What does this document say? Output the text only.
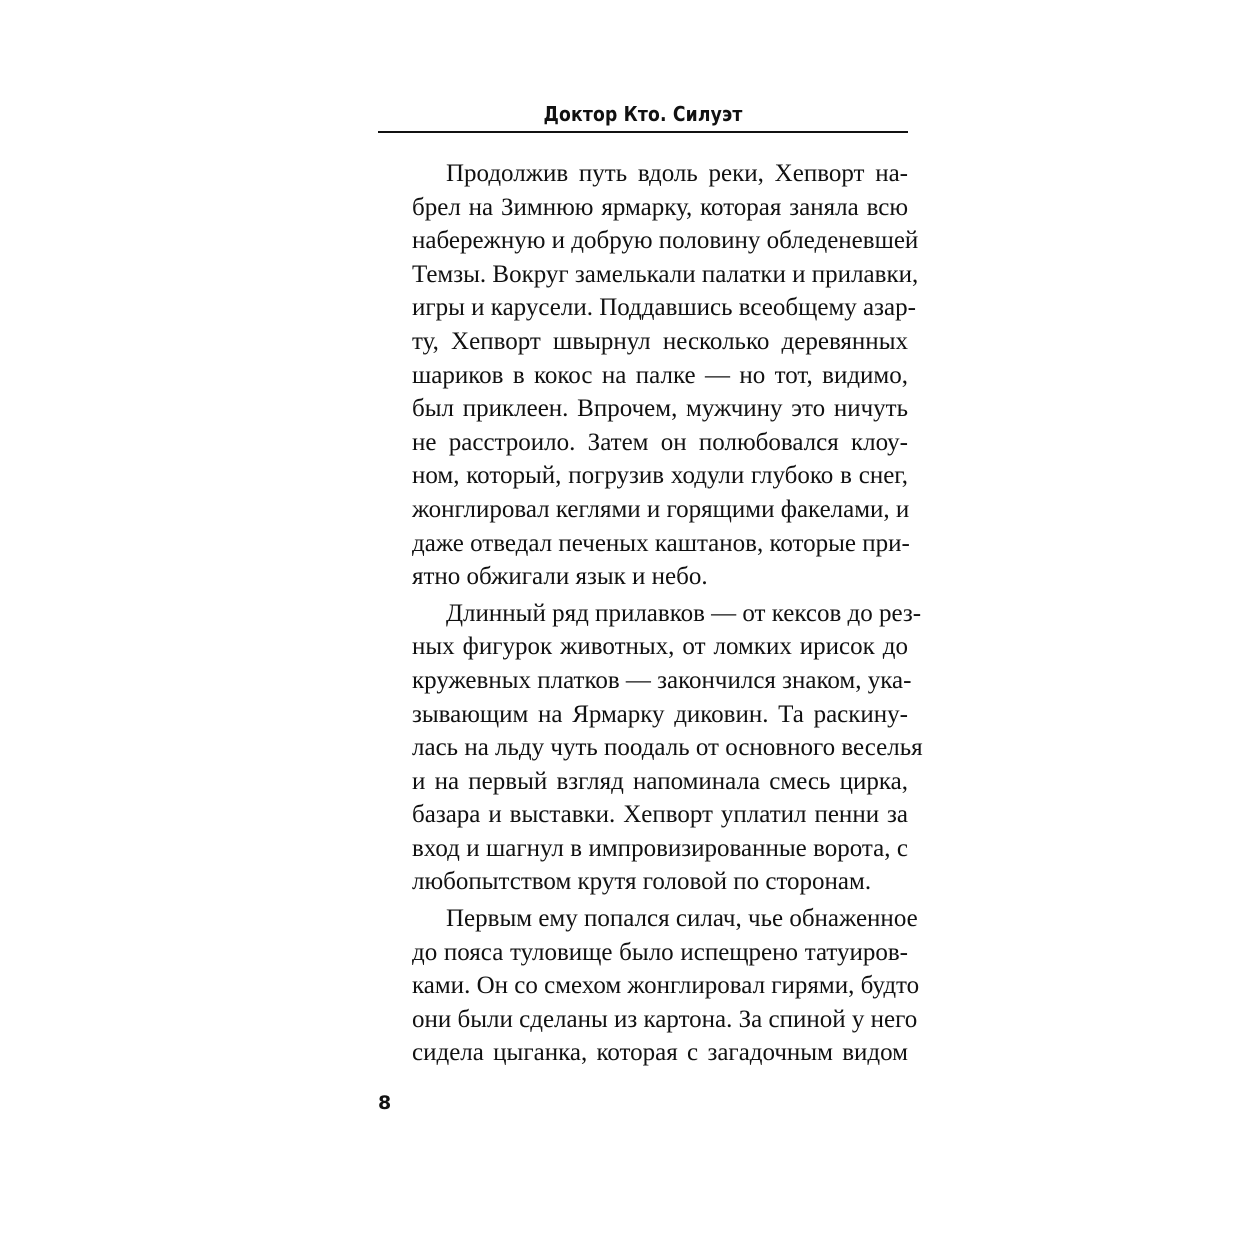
Доктор Кто. Силуэт
Продолжив путь вдоль реки, Хепворт на-
брел на Зимнюю ярмарку, которая заняла всю
набережную и добрую половину обледеневшей
Темзы. Вокруг замелькали палатки и прилавки,
игры и карусели. Поддавшись всеобщему азар-
ту, Хепворт швырнул несколько деревянных
шариков в кокос на палке — но тот, видимо,
был приклеен. Впрочем, мужчину это ничуть
не расстроило. Затем он полюбовался клоу-
ном, который, погрузив ходули глубоко в снег,
жонглировал кеглями и горящими факелами, и
даже отведал печеных каштанов, которые при-
ятно обжигали язык и небо.
Длинный ряд прилавков — от кексов до рез-
ных фигурок животных, от ломких ирисок до
кружевных платков — закончился знаком, ука-
зывающим на Ярмарку диковин. Та раскину-
лась на льду чуть поодаль от основного веселья
и на первый взгляд напоминала смесь цирка,
базара и выставки. Хепворт уплатил пенни за
вход и шагнул в импровизированные ворота, с
любопытством крутя головой по сторонам.
Первым ему попался силач, чье обнаженное
до пояса туловище было испещрено татуиров-
ками. Он со смехом жонглировал гирями, будто
они были сделаны из картона. За спиной у него
сидела цыганка, которая с загадочным видом
8
